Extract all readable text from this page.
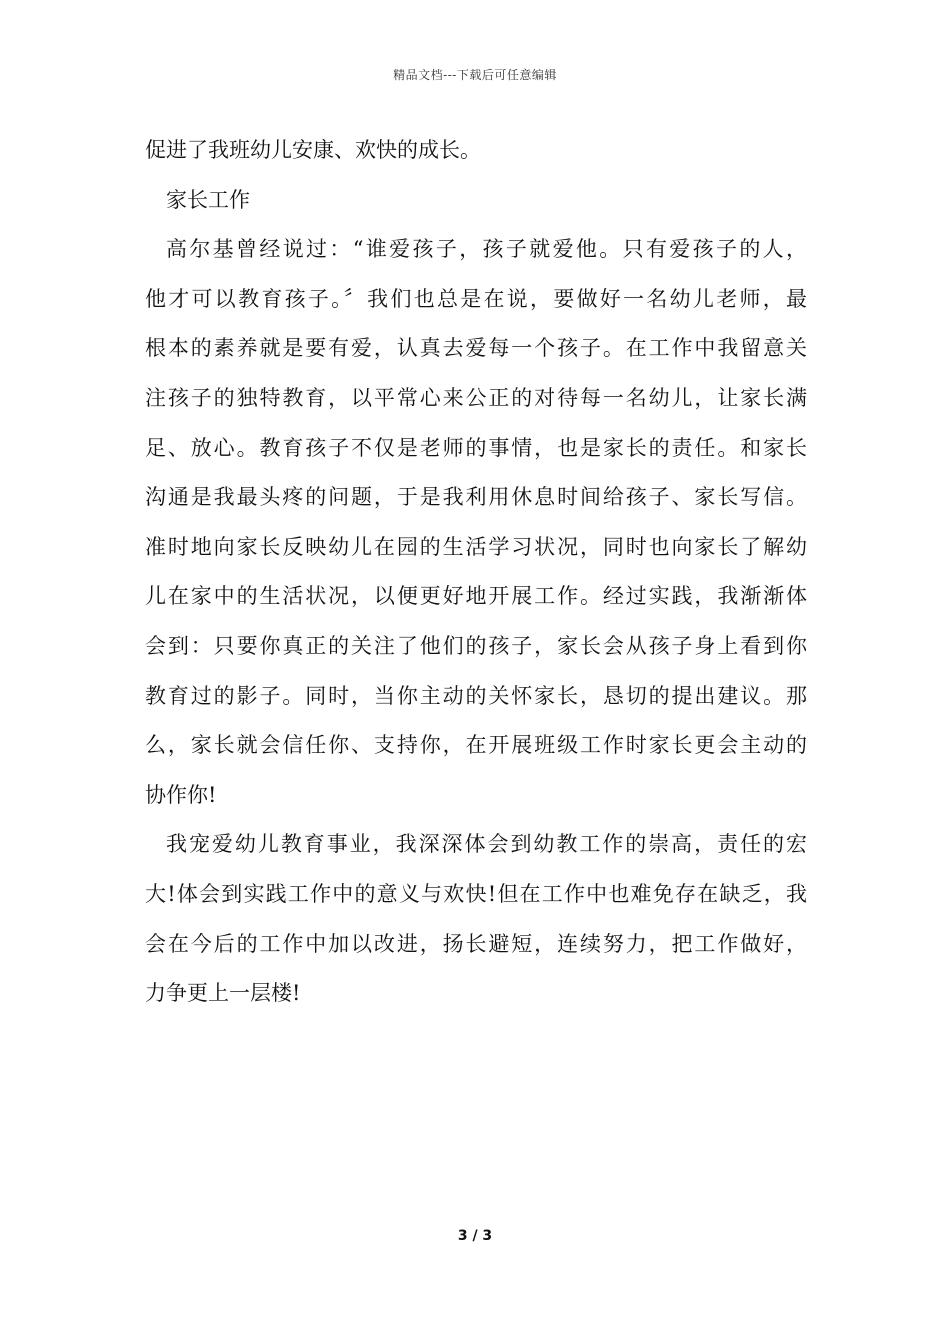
精品文档---下载后可任意编辑

促进了我班幼儿安康、欢快的成长。

家长工作

高尔基曾经说过：“谁爱孩子，孩子就爱他。只有爱孩子的人，
他才可以教育孩子。〞我们也总是在说，要做好一名幼儿老师，最
根本的素养就是要有爱，认真去爱每一个孩子。在工作中我留意关
注孩子的独特教育，以平常心来公正的对待每一名幼儿，让家长满
足、放心。教育孩子不仅是老师的事情，也是家长的责任。和家长
沟通是我最头疼的问题，于是我利用休息时间给孩子、家长写信。
准时地向家长反映幼儿在园的生活学习状况，同时也向家长了解幼
儿在家中的生活状况，以便更好地开展工作。经过实践，我渐渐体
会到：只要你真正的关注了他们的孩子，家长会从孩子身上看到你
教育过的影子。同时，当你主动的关怀家长，恳切的提出建议。那
么，家长就会信任你、支持你，在开展班级工作时家长更会主动的
协作你!

我宠爱幼儿教育事业，我深深体会到幼教工作的崇高，责任的宏
大!体会到实践工作中的意义与欢快!但在工作中也难免存在缺乏，我
会在今后的工作中加以改进，扬长避短，连续努力，把工作做好，
力争更上一层楼!

3 / 3
